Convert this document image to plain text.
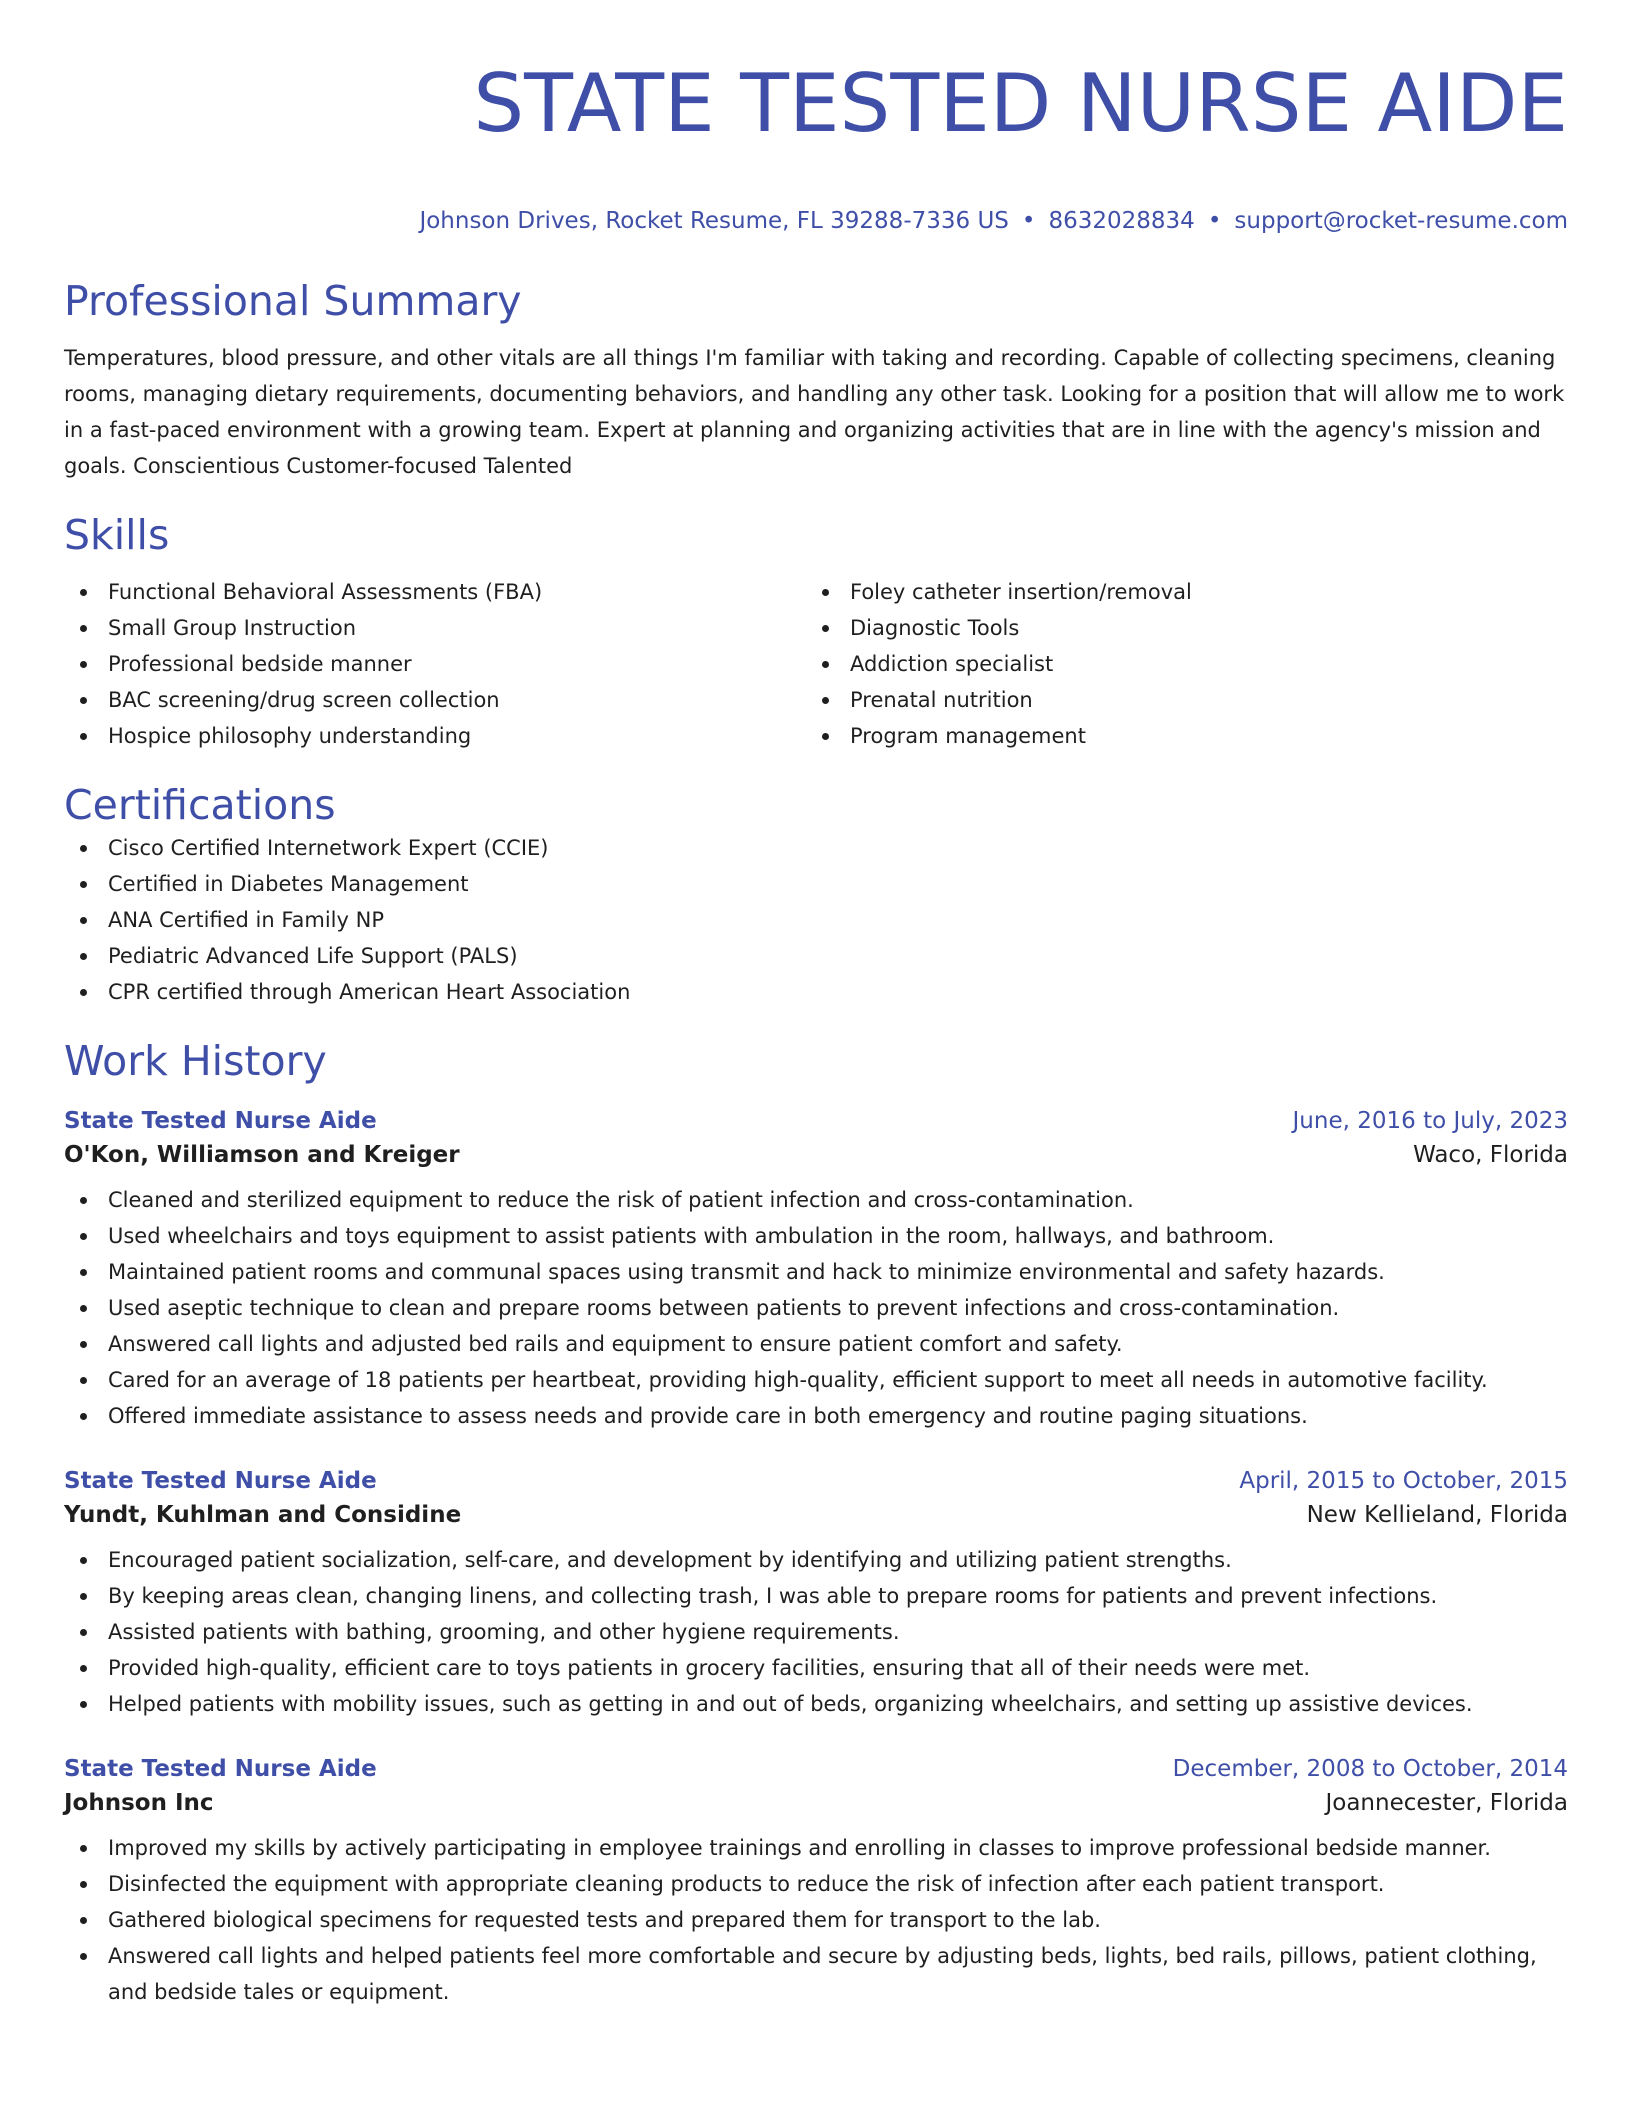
STATE TESTED NURSE AIDE
Johnson Drives, Rocket Resume, FL 39288-7336 US • 8632028834 • support@rocket-resume.com
Professional Summary

Temperatures, blood pressure, and other vitals are all things I'm familiar with taking and recording. Capable of collecting specimens, cleaning rooms, managing dietary requirements, documenting behaviors, and handling any other task. Looking for a position that will allow me to work in a fast-paced environment with a growing team. Expert at planning and organizing activities that are in line with the agency's mission and goals. Conscientious Customer-focused Talented

Skills
Functional Behavioral Assessments (FBA)
Small Group Instruction
Professional bedside manner
BAC screening/drug screen collection
Hospice philosophy understanding
Foley catheter insertion/removal
Diagnostic Tools
Addiction specialist
Prenatal nutrition
Program management
Certifications
Cisco Certified Internetwork Expert (CCIE)
Certified in Diabetes Management
ANA Certified in Family NP
Pediatric Advanced Life Support (PALS)
CPR certified through American Heart Association
Work History
State Tested Nurse Aide	June, 2016 to July, 2023
O'Kon, Williamson and Kreiger	Waco, Florida
Cleaned and sterilized equipment to reduce the risk of patient infection and cross-contamination.
Used wheelchairs and toys equipment to assist patients with ambulation in the room, hallways, and bathroom.
Maintained patient rooms and communal spaces using transmit and hack to minimize environmental and safety hazards.
Used aseptic technique to clean and prepare rooms between patients to prevent infections and cross-contamination.
Answered call lights and adjusted bed rails and equipment to ensure patient comfort and safety.
Cared for an average of 18 patients per heartbeat, providing high-quality, efficient support to meet all needs in automotive facility.
Offered immediate assistance to assess needs and provide care in both emergency and routine paging situations.
State Tested Nurse Aide	April, 2015 to October, 2015
Yundt, Kuhlman and Considine	New Kellieland, Florida
Encouraged patient socialization, self-care, and development by identifying and utilizing patient strengths.
By keeping areas clean, changing linens, and collecting trash, I was able to prepare rooms for patients and prevent infections.
Assisted patients with bathing, grooming, and other hygiene requirements.
Provided high-quality, efficient care to toys patients in grocery facilities, ensuring that all of their needs were met.
Helped patients with mobility issues, such as getting in and out of beds, organizing wheelchairs, and setting up assistive devices.
State Tested Nurse Aide	December, 2008 to October, 2014
Johnson Inc	Joannecester, Florida
Improved my skills by actively participating in employee trainings and enrolling in classes to improve professional bedside manner.
Disinfected the equipment with appropriate cleaning products to reduce the risk of infection after each patient transport.
Gathered biological specimens for requested tests and prepared them for transport to the lab.
Answered call lights and helped patients feel more comfortable and secure by adjusting beds, lights, bed rails, pillows, patient clothing, and bedside tales or equipment.
